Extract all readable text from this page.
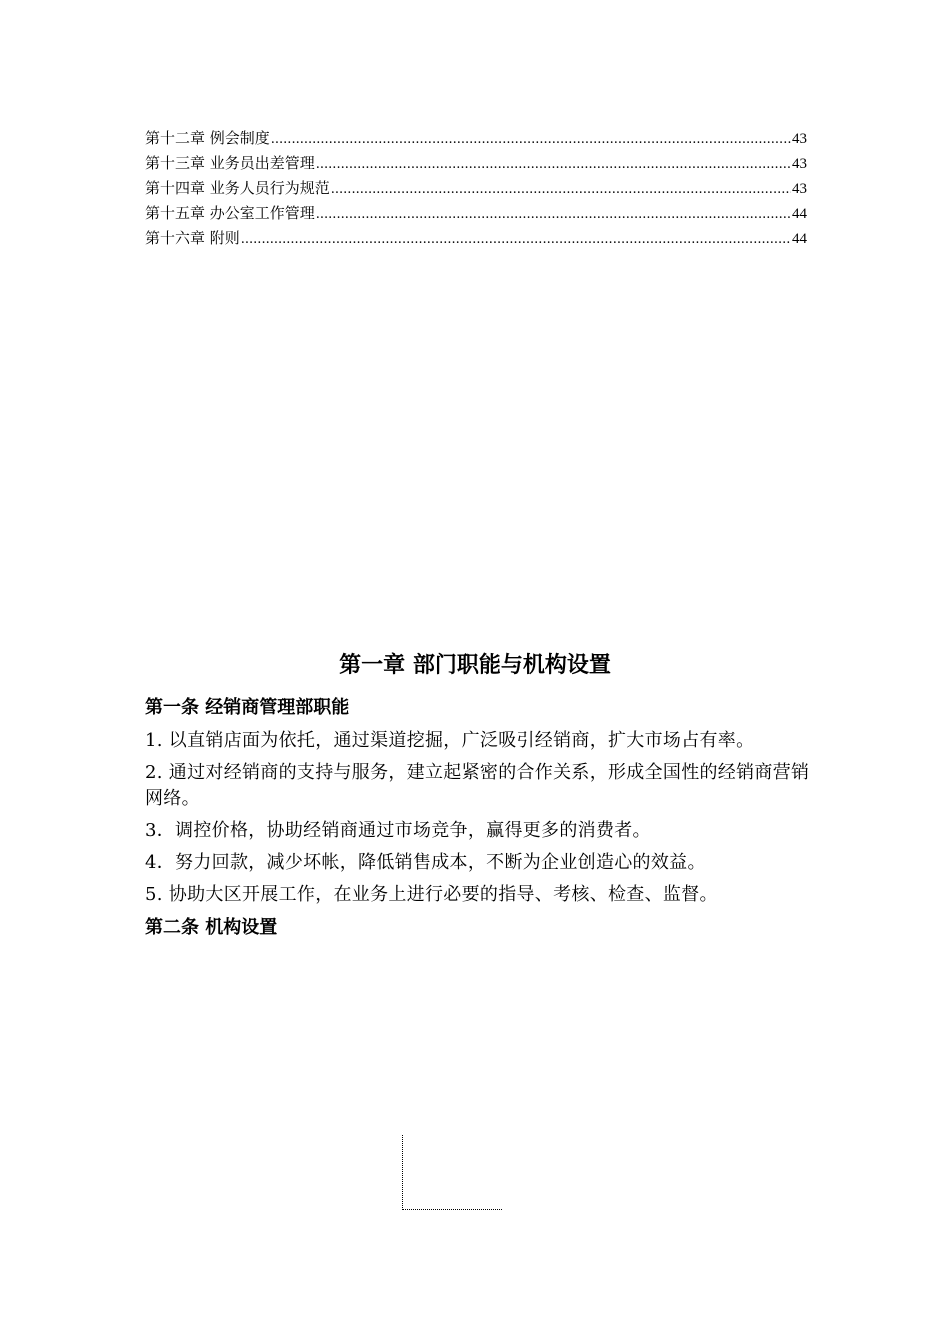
第十二章 例会制度 .....	43
第十三章 业务员出差管理 .....	43
第十四章 业务人员行为规范 .....	43
第十五章 办公室工作管理 .....	44
第十六章 附则 .....	44
第一章 部门职能与机构设置
第一条 经销商管理部职能

1. 以直销店面为依托，通过渠道挖掘，广泛吸引经销商，扩大市场占有率。

2. 通过对经销商的支持与服务，建立起紧密的合作关系，形成全国性的经销商营销网络。

3．调控价格，协助经销商通过市场竞争，赢得更多的消费者。

4．努力回款，减少坏帐，降低销售成本，不断为企业创造心的效益。

5. 协助大区开展工作，在业务上进行必要的指导、考核、检查、监督。

第二条 机构设置
